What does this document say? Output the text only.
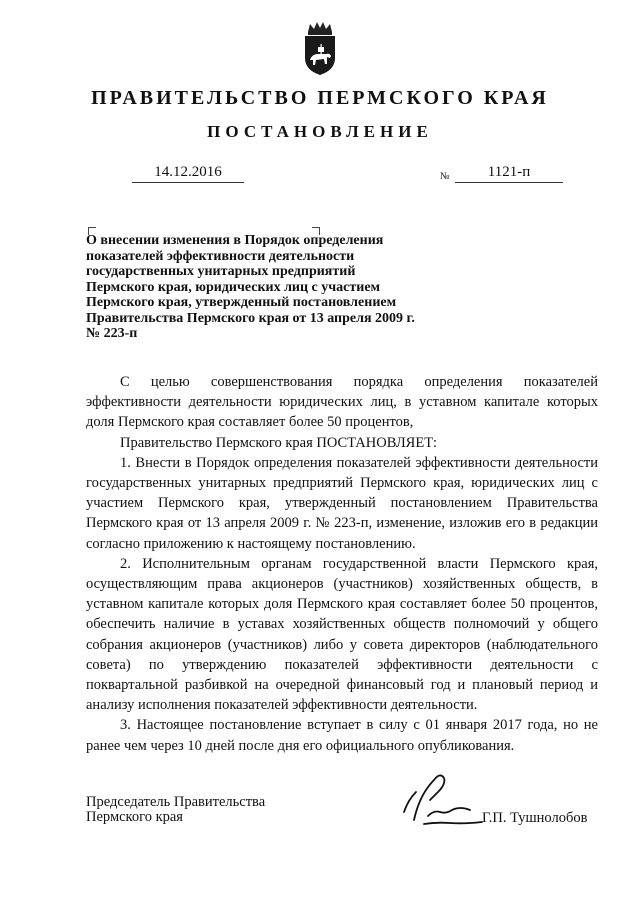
ПРАВИТЕЛЬСТВО ПЕРМСКОГО КРАЯ
ПОСТАНОВЛЕНИЕ
14.12.2016	№	1121-п
О внесении изменения в Порядок определения
показателей эффективности деятельности
государственных унитарных предприятий
Пермского края, юридических лиц с участием
Пермского края, утвержденный постановлением
Правительства Пермского края от 13 апреля 2009 г.
№ 223-п

С целью совершенствования порядка определения показателей эффективности деятельности юридических лиц, в уставном капитале которых доля Пермского края составляет более 50 процентов,

Правительство Пермского края ПОСТАНОВЛЯЕТ:

1. Внести в Порядок определения показателей эффективности деятельности государственных унитарных предприятий Пермского края, юридических лиц с участием Пермского края, утвержденный постановлением Правительства Пермского края от 13 апреля 2009 г. № 223-п, изменение, изложив его в редакции согласно приложению к настоящему постановлению.

2. Исполнительным органам государственной власти Пермского края, осуществляющим права акционеров (участников) хозяйственных обществ, в уставном капитале которых доля Пермского края составляет более 50 процентов, обеспечить наличие в уставах хозяйственных обществ полномочий у общего собрания акционеров (участников) либо у совета директоров (наблюдательного совета) по утверждению показателей эффективности деятельности с поквартальной разбивкой на очередной финансовый год и плановый период и анализу исполнения показателей эффективности деятельности.

3. Настоящее постановление вступает в силу с 01 января 2017 года, но не ранее чем через 10 дней после дня его официального опубликования.

Председатель Правительства
Пермского края	Г.П. Тушнолобов
